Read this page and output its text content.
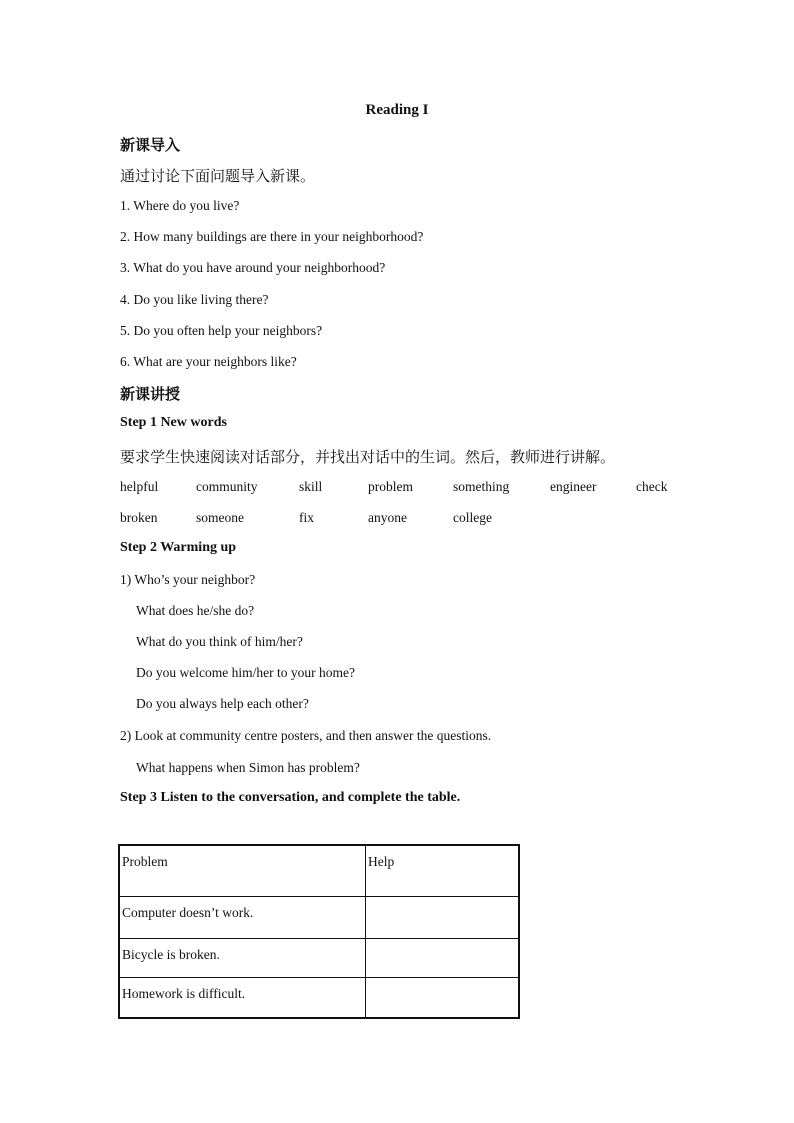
Reading I
新课导入
通过讨论下面问题导入新课。
1. Where do you live?
2. How many buildings are there in your neighborhood?
3. What do you have around your neighborhood?
4. Do you like living there?
5. Do you often help your neighbors?
6. What are your neighbors like?
新课讲授
Step 1 New words
要求学生快速阅读对话部分，并找出对话中的生词。然后，教师进行讲解。
helpful	community	skill	problem	something	engineer	check
broken	someone	fix	anyone	college
Step 2 Warming up
1) Who’s your neighbor?
What does he/she do?
What do you think of him/her?
Do you welcome him/her to your home?
Do you always help each other?
2) Look at community centre posters, and then answer the questions.
What happens when Simon has problem?
Step 3 Listen to the conversation, and complete the table.
Problem	Help
Computer doesn’t work.	
Bicycle is broken.	
Homework is difficult.	
